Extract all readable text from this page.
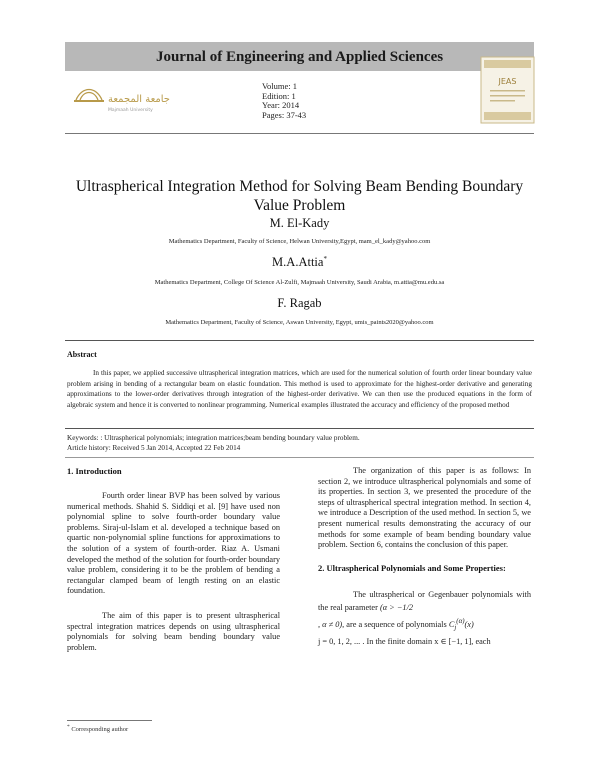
Journal of Engineering and Applied Sciences
جامعة المجمعة
Majmaah University
Volume: 1
Edition: 1
Year: 2014
Pages: 37-43
JEAS
Ultraspherical Integration Method for Solving Beam Bending Boundary Value Problem
M. El-Kady
Mathematics Department, Faculty of Science, Helwan University,Egypt, mam_el_kady@yahoo.com
M.A.Attia*
Mathematics Department, College Of Science Al-Zulfi, Majmaah University, Saudi Arabia, m.attia@mu.edu.sa
F. Ragab
Mathematics Department, Faculty of Science, Aswan University, Egypt, umis_paints2020@yahoo.com
Abstract
In this paper, we applied successive ultraspherical integration matrices, which are used for the numerical solution of fourth order linear boundary value problem arising in bending of a rectangular beam on elastic foundation. This method is used to approximate for the highest-order derivative and generating approximations to the lower-order derivatives through integration of the highest-order derivative. We can then use the produced equations in the form of algebraic system and hence it is converted to nonlinear programming. Numerical examples illustrated the accuracy and efficiency of the proposed method
Keywords: : Ultraspherical polynomials; integration matrices;beam bending boundary value problem.
Article history: Received 5 Jan 2014, Accepted 22 Feb 2014
1. Introduction

Fourth order linear BVP has been solved by various numerical methods. Shahid S. Siddiqi et al. [9] have used non polynomial spline to solve fourth-order boundary value problems. Siraj-ul-Islam et al. developed a technique based on quartic non-polynomial spline functions for approximations to the solution of a system of fourth-order. Riaz A. Usmani developed the method of the solution for fourth-order boundary value problem, considering it to be the problem of bending a rectangular clamped beam of length resting on an elastic foundation.

The aim of this paper is to present ultraspherical spectral integration matrices depends on using ultraspherical polynomials for solving beam bending boundary value problem.

The organization of this paper is as follows: In section 2, we introduce ultraspherical polynomials and some of its properties. In section 3, we presented the procedure of the steps of ultraspherical spectral integration method. In section 4, we introduce a Description of the used method. In section 5, we present numerical results demonstrating the accuracy of our methods for some example of beam bending boundary value problem. Section 6, contains the conclusion of this paper.

2. Ultraspherical Polynomials and Some Properties:

The ultraspherical or Gegenbauer polynomials with the real parameter (α > −1/2
, α ≠ 0), are a sequence of polynomials $C_j^{(\alpha)}(x)$
j = 0, 1, 2, ... . In the finite domain x ∈ [−1, 1], each

* Corresponding author
